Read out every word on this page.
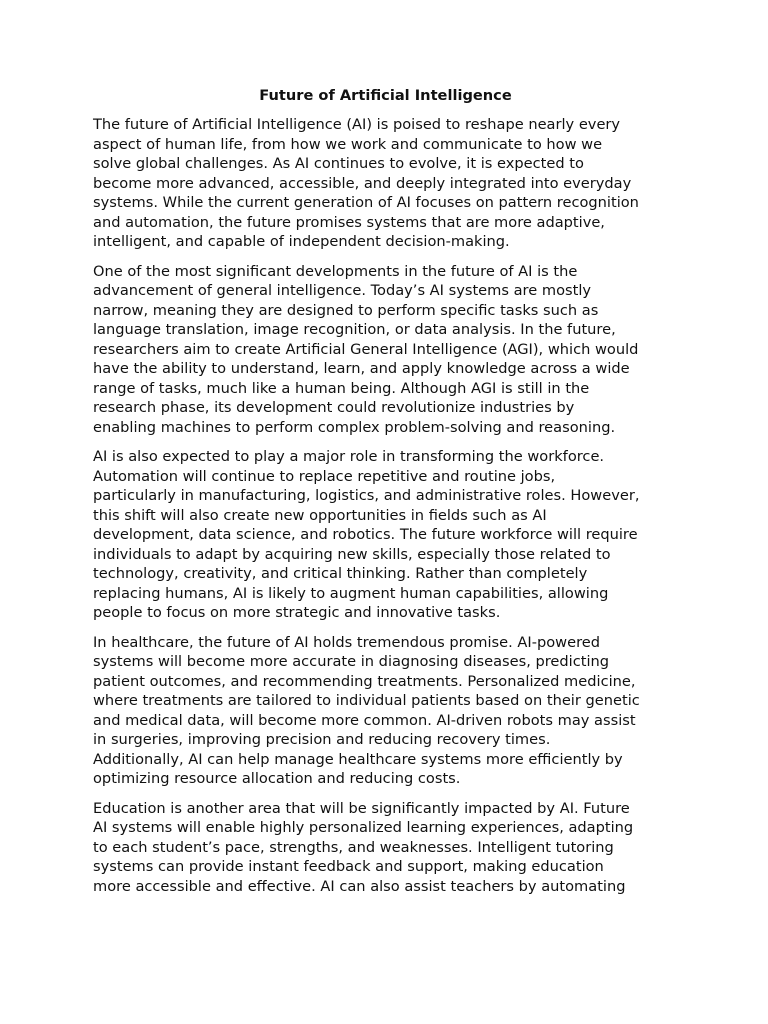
Future of Artificial Intelligence

The future of Artificial Intelligence (AI) is poised to reshape nearly every
aspect of human life, from how we work and communicate to how we
solve global challenges. As AI continues to evolve, it is expected to
become more advanced, accessible, and deeply integrated into everyday
systems. While the current generation of AI focuses on pattern recognition
and automation, the future promises systems that are more adaptive,
intelligent, and capable of independent decision-making.

One of the most significant developments in the future of AI is the
advancement of general intelligence. Today’s AI systems are mostly
narrow, meaning they are designed to perform specific tasks such as
language translation, image recognition, or data analysis. In the future,
researchers aim to create Artificial General Intelligence (AGI), which would
have the ability to understand, learn, and apply knowledge across a wide
range of tasks, much like a human being. Although AGI is still in the
research phase, its development could revolutionize industries by
enabling machines to perform complex problem-solving and reasoning.

AI is also expected to play a major role in transforming the workforce.
Automation will continue to replace repetitive and routine jobs,
particularly in manufacturing, logistics, and administrative roles. However,
this shift will also create new opportunities in fields such as AI
development, data science, and robotics. The future workforce will require
individuals to adapt by acquiring new skills, especially those related to
technology, creativity, and critical thinking. Rather than completely
replacing humans, AI is likely to augment human capabilities, allowing
people to focus on more strategic and innovative tasks.

In healthcare, the future of AI holds tremendous promise. AI-powered
systems will become more accurate in diagnosing diseases, predicting
patient outcomes, and recommending treatments. Personalized medicine,
where treatments are tailored to individual patients based on their genetic
and medical data, will become more common. AI-driven robots may assist
in surgeries, improving precision and reducing recovery times.
Additionally, AI can help manage healthcare systems more efficiently by
optimizing resource allocation and reducing costs.

Education is another area that will be significantly impacted by AI. Future
AI systems will enable highly personalized learning experiences, adapting
to each student’s pace, strengths, and weaknesses. Intelligent tutoring
systems can provide instant feedback and support, making education
more accessible and effective. AI can also assist teachers by automating
